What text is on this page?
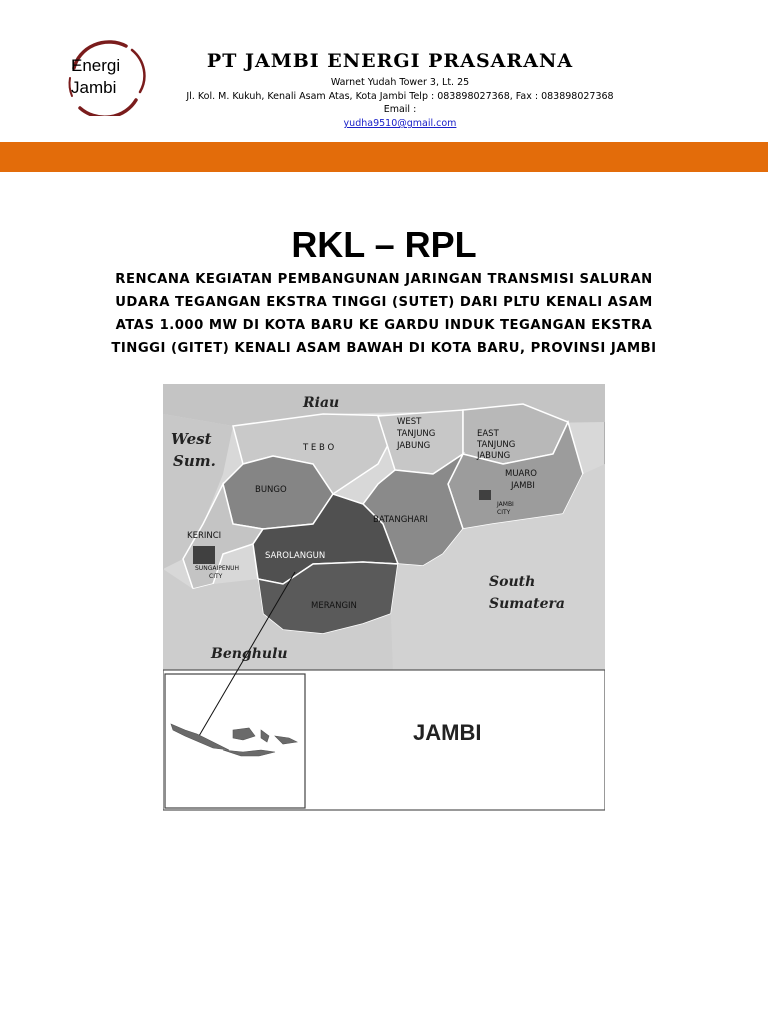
Energi
Jambi
PT JAMBI ENERGI PRASARANA
Warnet Yudah Tower 3, Lt. 25
Jl. Kol. M. Kukuh, Kenali Asam Atas, Kota Jambi Telp : 083898027368, Fax : 083898027368
Email :
yudha9510@gmail.com
RKL – RPL
RENCANA KEGIATAN PEMBANGUNAN JARINGAN TRANSMISI SALURAN UDARA TEGANGAN EKSTRA TINGGI (SUTET) DARI PLTU KENALI ASAM ATAS 1.000 MW DI KOTA BARU KE GARDU INDUK TEGANGAN EKSTRA TINGGI (GITET) KENALI ASAM BAWAH DI KOTA BARU, PROVINSI JAMBI
Riau
West
Sum.
South
Sumatera
Benghulu
T E B O
BUNGO
KERINCI
SAROLANGUN
MERANGIN
BATANGHARI
WEST
TANJUNG
JABUNG
EAST
TANJUNG
JABUNG
MUARO
JAMBI
JAMBI
CITY
SUNGAIPENUH
CITY
JAMBI
